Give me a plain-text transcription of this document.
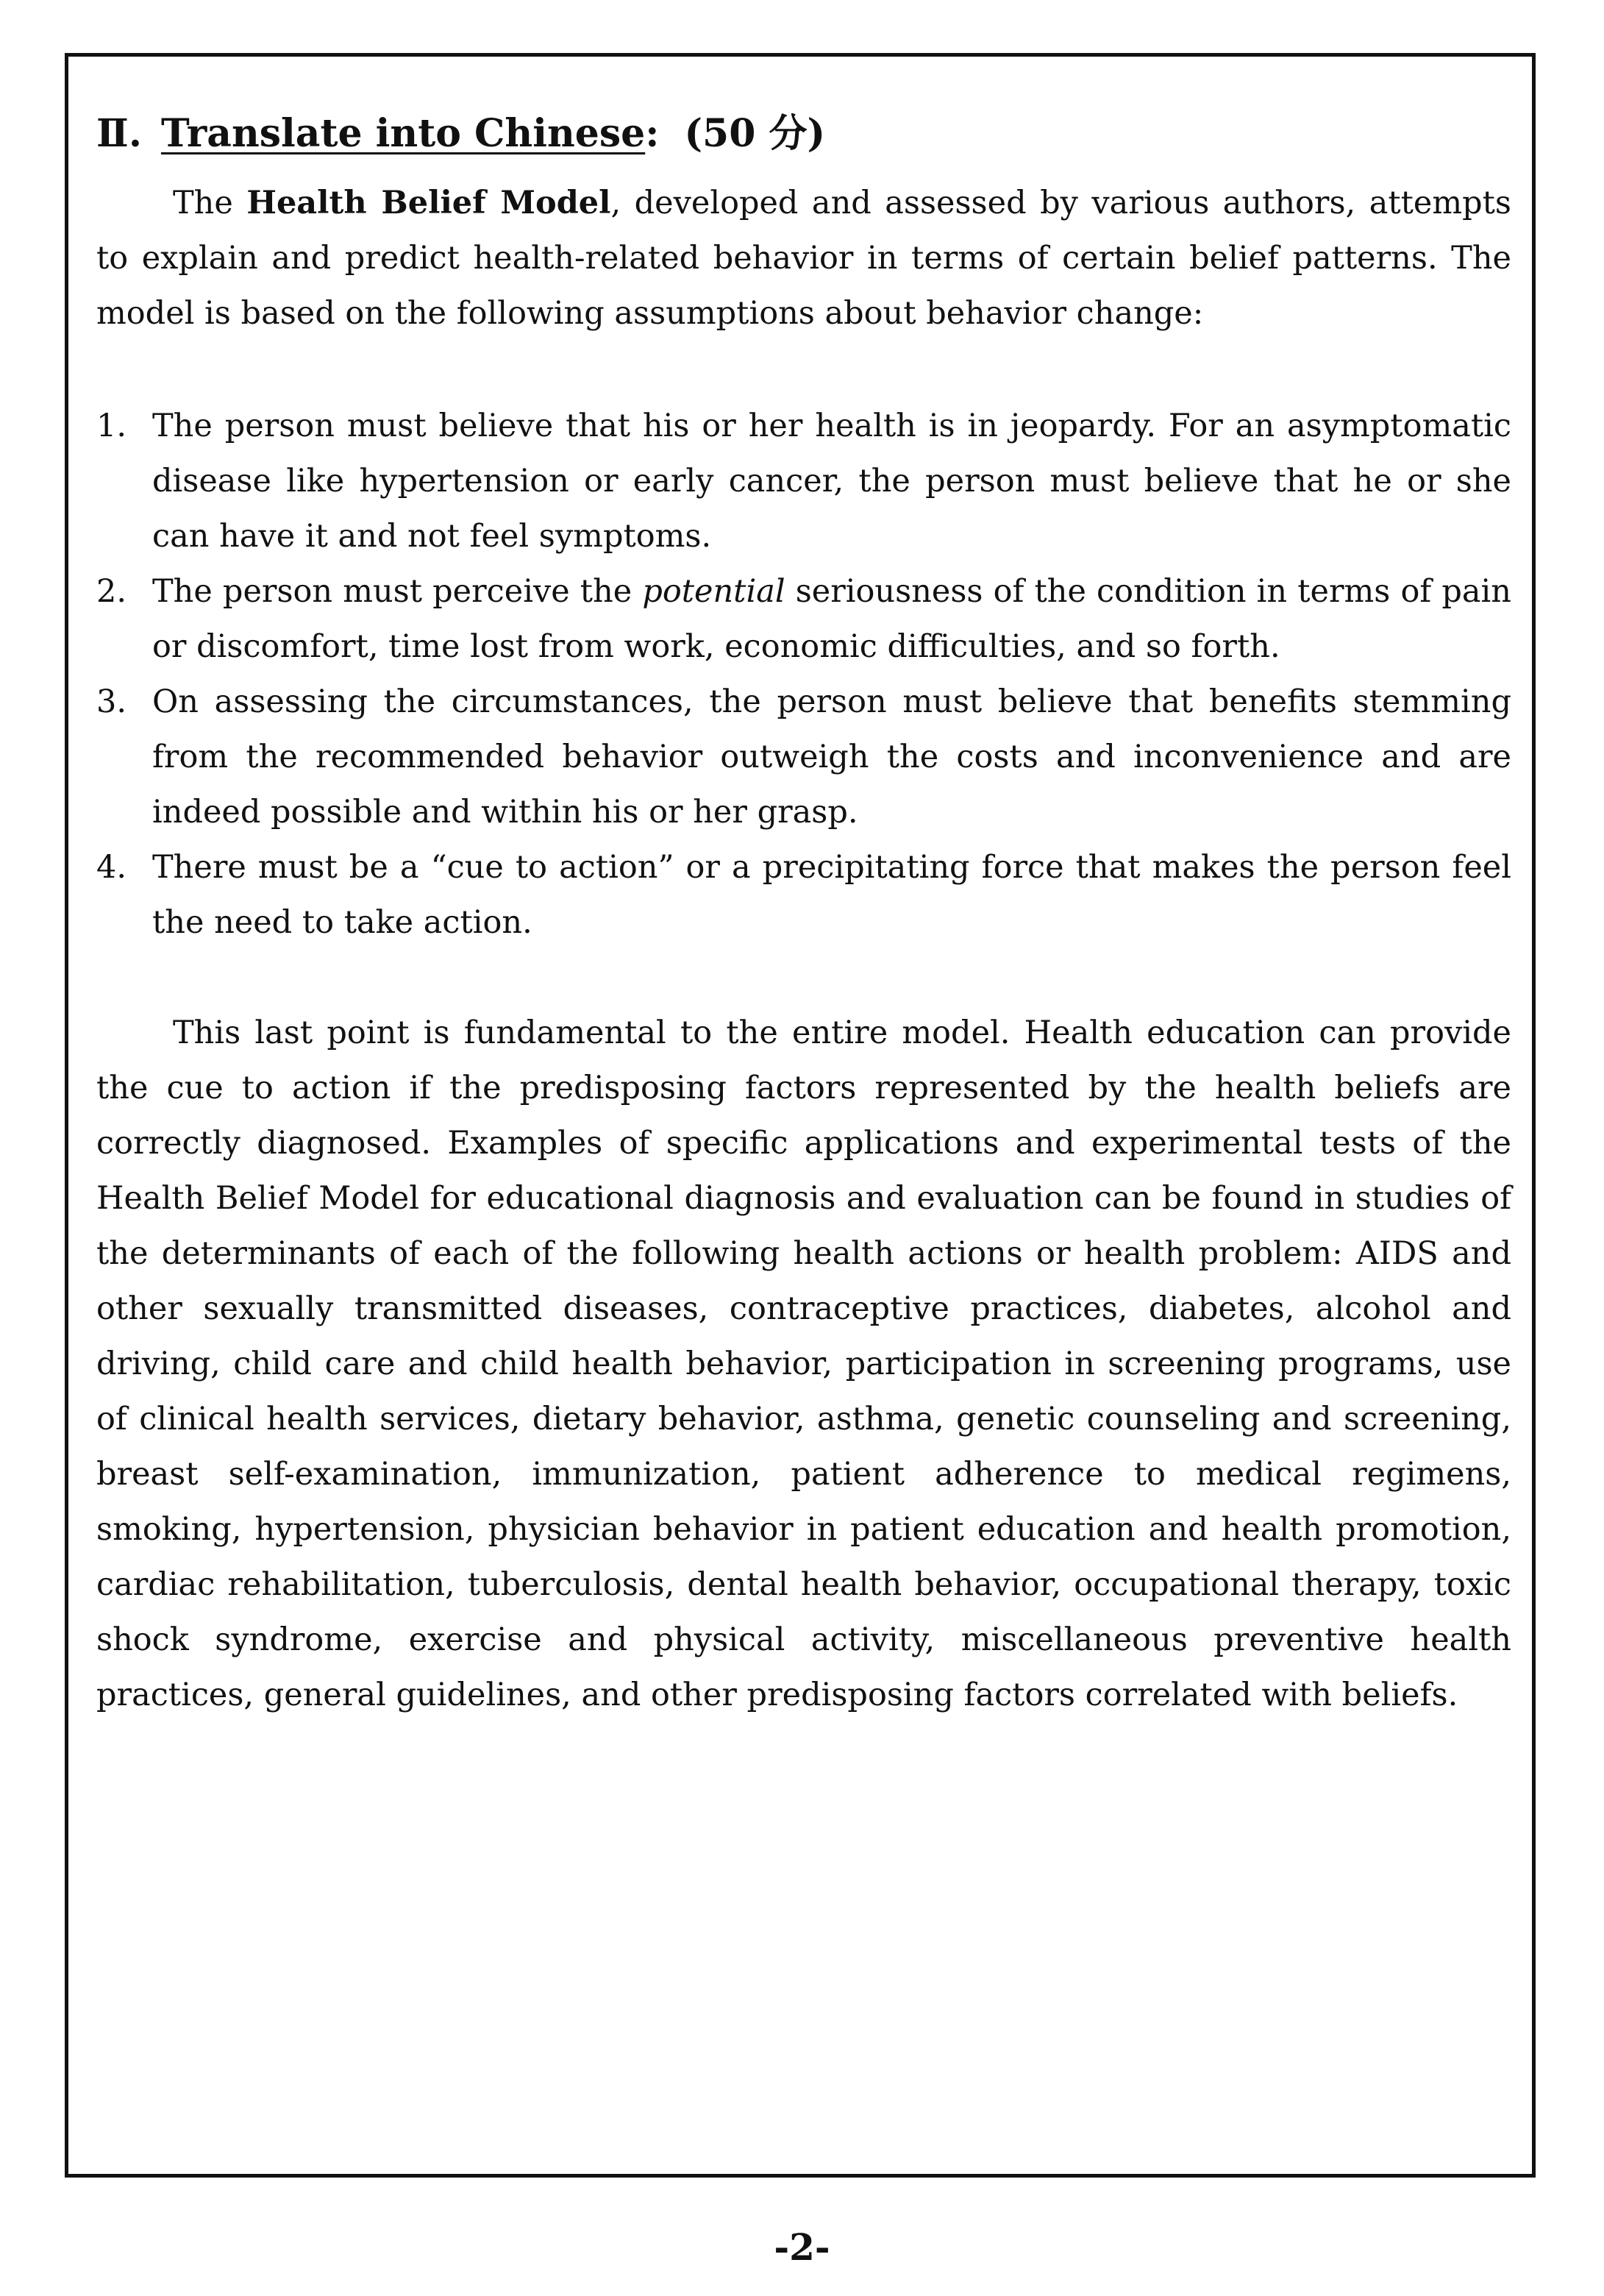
Ⅱ. Translate into Chinese : (50 分)

The Health Belief Model, developed and assessed by various authors, attempts to explain and predict health-related behavior in terms of certain belief patterns. The model is based on the following assumptions about behavior change:

1. The person must believe that his or her health is in jeopardy. For an asymptomatic disease like hypertension or early cancer, the person must believe that he or she can have it and not feel symptoms.
2. The person must perceive the potential seriousness of the condition in terms of pain or discomfort, time lost from work, economic difficulties, and so forth.
3. On assessing the circumstances, the person must believe that benefits stemming from the recommended behavior outweigh the costs and inconvenience and are indeed possible and within his or her grasp.
4. There must be a “cue to action” or a precipitating force that makes the person feel the need to take action.

This last point is fundamental to the entire model. Health education can provide the cue to action if the predisposing factors represented by the health beliefs are correctly diagnosed. Examples of specific applications and experimental tests of the Health Belief Model for educational diagnosis and evaluation can be found in studies of the determinants of each of the following health actions or health problem: AIDS and other sexually transmitted diseases, contraceptive practices, diabetes, alcohol and driving, child care and child health behavior, participation in screening programs, use of clinical health services, dietary behavior, asthma, genetic counseling and screening, breast self-examination, immunization, patient adherence to medical regimens, smoking, hypertension, physician behavior in patient education and health promotion, cardiac rehabilitation, tuberculosis, dental health behavior, occupational therapy, toxic shock syndrome, exercise and physical activity, miscellaneous preventive health practices, general guidelines, and other predisposing factors correlated with beliefs.

-2-
